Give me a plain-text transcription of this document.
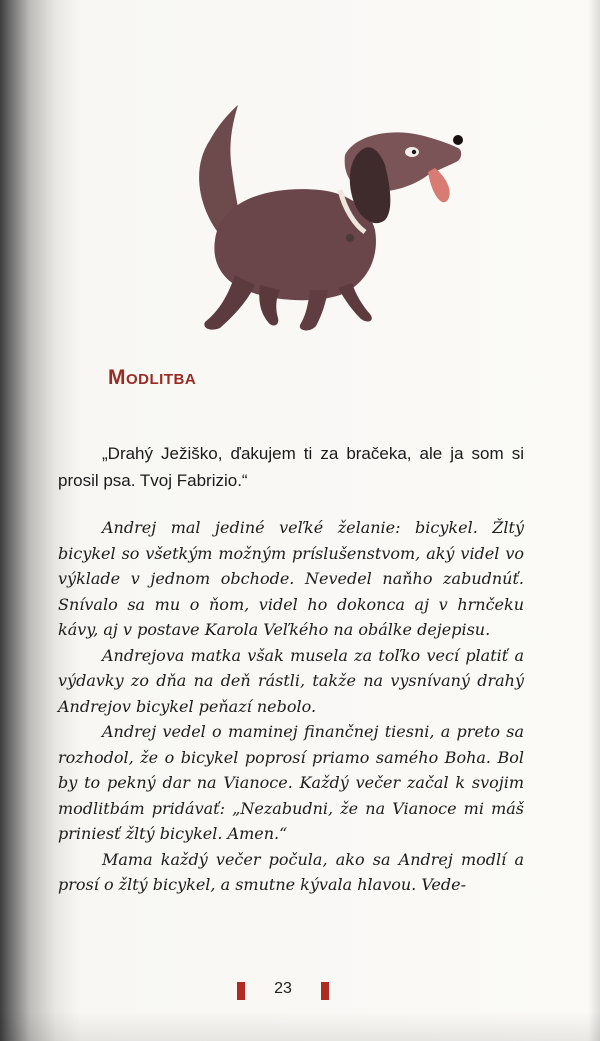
Modlitba
„Drahý Ježiško, ďakujem ti za bračeka, ale ja som si prosil psa. Tvoj Fabrizio.“

Andrej mal jediné veľké želanie: bicykel. Žltý bicykel so všetkým možným príslušenstvom, aký videl vo výklade v jednom obchode. Nevedel naňho zabudnúť. Snívalo sa mu o ňom, videl ho dokonca aj v hrnčeku kávy, aj v postave Karola Veľkého na obálke dejepisu.

Andrejova matka však musela za toľko vecí platiť a výdavky zo dňa na deň rástli, takže na vysnívaný drahý Andrejov bicykel peňazí nebolo.

Andrej vedel o maminej finančnej tiesni, a preto sa rozhodol, že o bicykel poprosí priamo samého Boha. Bol by to pekný dar na Vianoce. Každý večer začal k svojim modlitbám pridávať: „Nezabudni, že na Vianoce mi máš priniesť žltý bicykel. Amen.“

Mama každý večer počula, ako sa Andrej modlí a prosí o žltý bicykel, a smutne kývala hlavou. Vede-

23
